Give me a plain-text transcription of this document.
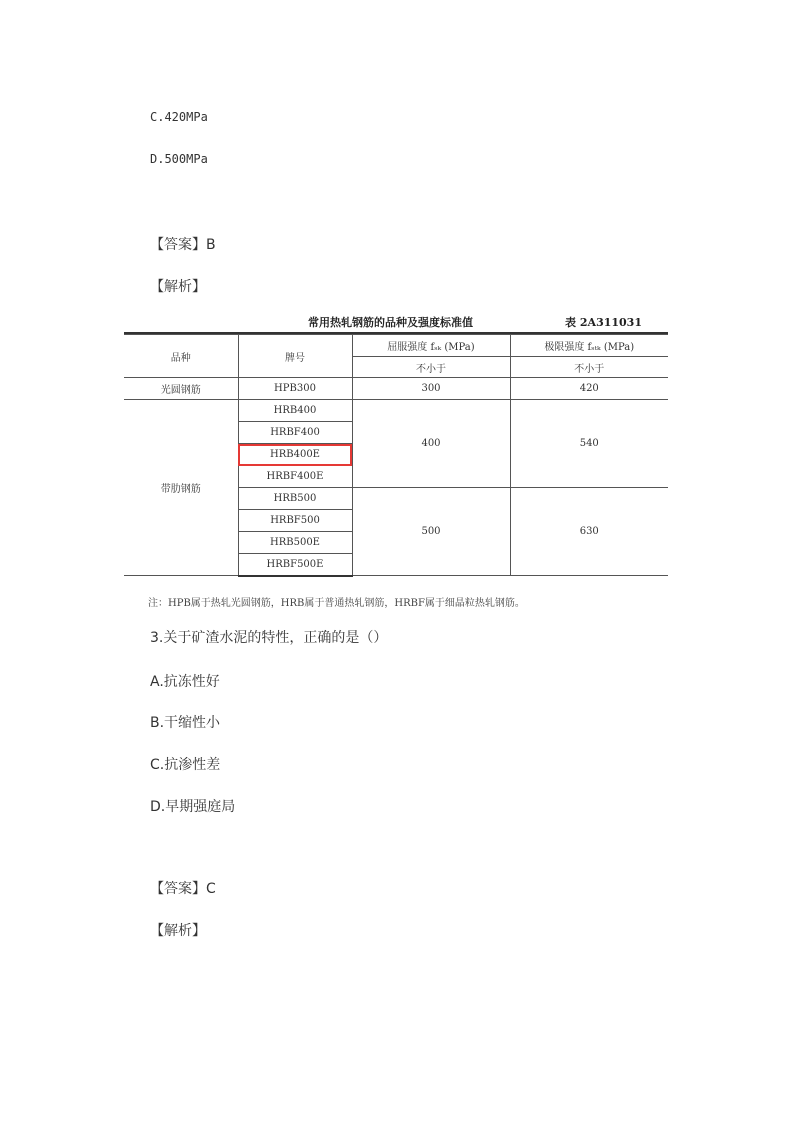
C.420MPa
D.500MPa
【答案】B
【解析】
常用热轧钢筋的品种及强度标准值	表 2A311031
品种	牌号	屈服强度 fₛₖ (MPa)	极限强度 fₛₜₖ (MPa)
		不小于	不小于
光圆钢筋	HPB300	300	420
带肋钢筋	HRB400	400	540
	HRBF400		
	HRB400E		
	HRBF400E		
	HRB500	500	630
	HRBF500		
	HRB500E		
	HRBF500E		
注：HPB属于热轧光圆钢筋，HRB属于普通热轧钢筋，HRBF属于细晶粒热轧钢筋。
3.关于矿渣水泥的特性，正确的是（）
A.抗冻性好
B.干缩性小
C.抗渗性差
D.早期强庭局
【答案】C
【解析】
